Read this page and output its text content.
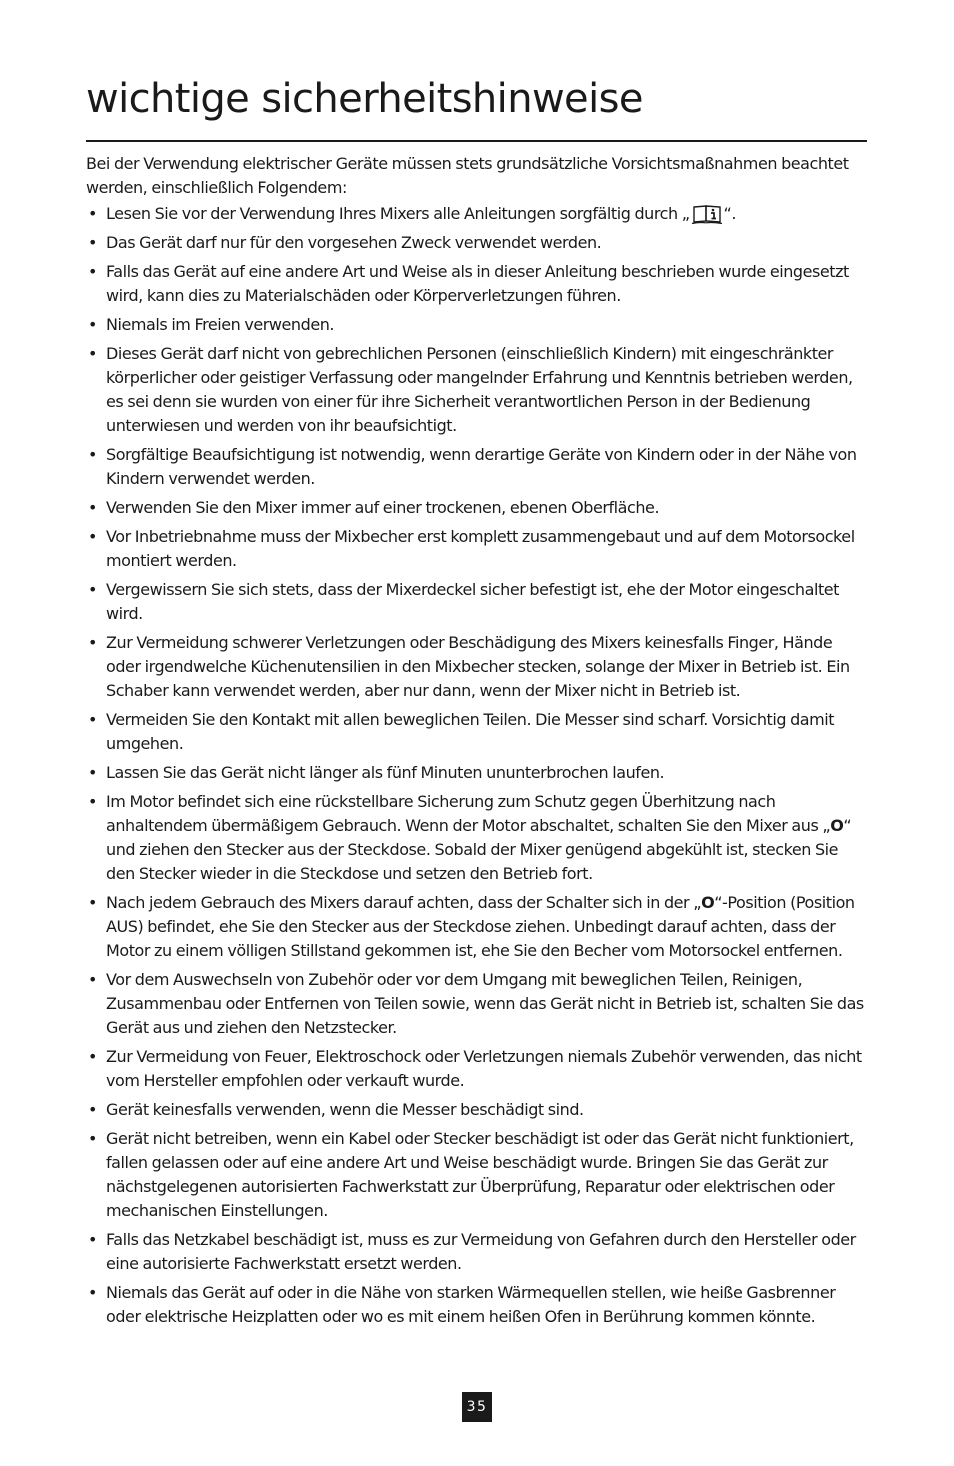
wichtige sicherheitshinweise

Bei der Verwendung elektrischer Geräte müssen stets grundsätzliche Vorsichtsmaßnahmen beachtet werden, einschließlich Folgendem:

• Lesen Sie vor der Verwendung Ihres Mixers alle Anleitungen sorgfältig durch „ “.
• Das Gerät darf nur für den vorgesehen Zweck verwendet werden.
• Falls das Gerät auf eine andere Art und Weise als in dieser Anleitung beschrieben wurde eingesetzt wird, kann dies zu Materialschäden oder Körperverletzungen führen.
• Niemals im Freien verwenden.
• Dieses Gerät darf nicht von gebrechlichen Personen (einschließlich Kindern) mit eingeschränkter körperlicher oder geistiger Verfassung oder mangelnder Erfahrung und Kenntnis betrieben werden, es sei denn sie wurden von einer für ihre Sicherheit verantwortlichen Person in der Bedienung unterwiesen und werden von ihr beaufsichtigt.
• Sorgfältige Beaufsichtigung ist notwendig, wenn derartige Geräte von Kindern oder in der Nähe von Kindern verwendet werden.
• Verwenden Sie den Mixer immer auf einer trockenen, ebenen Oberfläche.
• Vor Inbetriebnahme muss der Mixbecher erst komplett zusammengebaut und auf dem Motorsockel montiert werden.
• Vergewissern Sie sich stets, dass der Mixerdeckel sicher befestigt ist, ehe der Motor eingeschaltet wird.
• Zur Vermeidung schwerer Verletzungen oder Beschädigung des Mixers keinesfalls Finger, Hände oder irgendwelche Küchenutensilien in den Mixbecher stecken, solange der Mixer in Betrieb ist. Ein Schaber kann verwendet werden, aber nur dann, wenn der Mixer nicht in Betrieb ist.
• Vermeiden Sie den Kontakt mit allen beweglichen Teilen. Die Messer sind scharf. Vorsichtig damit umgehen.
• Lassen Sie das Gerät nicht länger als fünf Minuten ununterbrochen laufen.
• Im Motor befindet sich eine rückstellbare Sicherung zum Schutz gegen Überhitzung nach anhaltendem übermäßigem Gebrauch. Wenn der Motor abschaltet, schalten Sie den Mixer aus „O“ und ziehen den Stecker aus der Steckdose. Sobald der Mixer genügend abgekühlt ist, stecken Sie den Stecker wieder in die Steckdose und setzen den Betrieb fort.
• Nach jedem Gebrauch des Mixers darauf achten, dass der Schalter sich in der „O“-Position (Position AUS) befindet, ehe Sie den Stecker aus der Steckdose ziehen. Unbedingt darauf achten, dass der Motor zu einem völligen Stillstand gekommen ist, ehe Sie den Becher vom Motorsockel entfernen.
• Vor dem Auswechseln von Zubehör oder vor dem Umgang mit beweglichen Teilen, Reinigen, Zusammenbau oder Entfernen von Teilen sowie, wenn das Gerät nicht in Betrieb ist, schalten Sie das Gerät aus und ziehen den Netzstecker.
• Zur Vermeidung von Feuer, Elektroschock oder Verletzungen niemals Zubehör verwenden, das nicht vom Hersteller empfohlen oder verkauft wurde.
• Gerät keinesfalls verwenden, wenn die Messer beschädigt sind.
• Gerät nicht betreiben, wenn ein Kabel oder Stecker beschädigt ist oder das Gerät nicht funktioniert, fallen gelassen oder auf eine andere Art und Weise beschädigt wurde. Bringen Sie das Gerät zur nächstgelegenen autorisierten Fachwerkstatt zur Überprüfung, Reparatur oder elektrischen oder mechanischen Einstellungen.
• Falls das Netzkabel beschädigt ist, muss es zur Vermeidung von Gefahren durch den Hersteller oder eine autorisierte Fachwerkstatt ersetzt werden.
• Niemals das Gerät auf oder in die Nähe von starken Wärmequellen stellen, wie heiße Gasbrenner oder elektrische Heizplatten oder wo es mit einem heißen Ofen in Berührung kommen könnte.
35
